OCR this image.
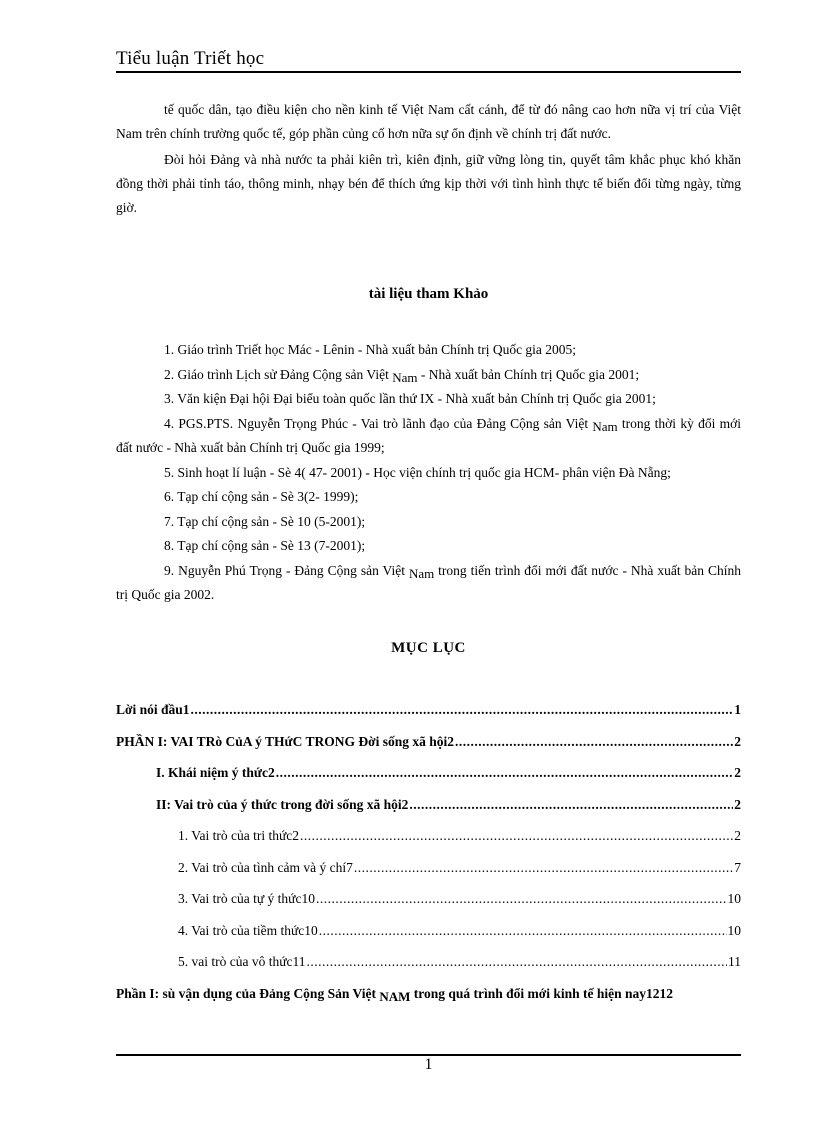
Tiểu luận Triết học

tế quốc dân, tạo điều kiện cho nền kinh tế Việt Nam cất cánh, để từ đó nâng cao hơn nữa vị trí của Việt Nam trên chính trường quốc tế, góp phần củng cố hơn nữa sự ổn định về chính trị đất nước.

Đòi hỏi Đảng và nhà nước ta phải kiên trì, kiên định, giữ vững lòng tin, quyết tâm khắc phục khó khăn đồng thời phải tỉnh táo, thông minh, nhạy bén để thích ứng kịp thời với tình hình thực tế biến đổi từng ngày, từng giờ.

tài liệu tham Khảo

1. Giáo trình Triết học Mác - Lênin - Nhà xuất bản Chính trị Quốc gia 2005;

2. Giáo trình Lịch sử Đảng Cộng sản Việt Nam - Nhà xuất bản Chính trị Quốc gia 2001;

3. Văn kiện Đại hội Đại biểu toàn quốc lần thứ IX - Nhà xuất bản Chính trị Quốc gia 2001;

4. PGS.PTS. Nguyễn Trọng Phúc - Vai trò lãnh đạo của Đảng Cộng sản Việt Nam trong thời kỳ đổi mới đất nước - Nhà xuất bản Chính trị Quốc gia 1999;

5. Sinh hoạt lí luận - Sè 4( 47- 2001) - Học viện chính trị quốc gia HCM- phân viện Đà Nẵng;

6. Tạp chí cộng sản - Sè 3(2- 1999);

7. Tạp chí cộng sản - Sè 10 (5-2001);

8. Tạp chí cộng sản - Sè 13 (7-2001);

9. Nguyễn Phú Trọng - Đảng Cộng sản Việt Nam trong tiến trình đổi mới đất nước - Nhà xuất bản Chính trị Quốc gia 2002.

MỤC LỤC
Lời nói đầu1 .....	1
PHẦN I: VAI TRò CủA ý THứC TRONG Đời sống xã hội2 .....	2
I. Khái niệm ý thức2 .....	2
II: Vai trò của ý thức trong đời sống xã hội2 .....	2
1. Vai trò của tri thức2 .....	2
2. Vai trò của tình cảm và ý chí7 .....	7
3. Vai trò của tự ý thức10 .....	10
4. Vai trò của tiềm thức10 .....	10
5. vai trò của vô thức11 .....	11
Phần I: sù vận dụng của Đảng Cộng Sản Việt NAM trong quá trình đổi mới kinh tế hiện nay1212
1
